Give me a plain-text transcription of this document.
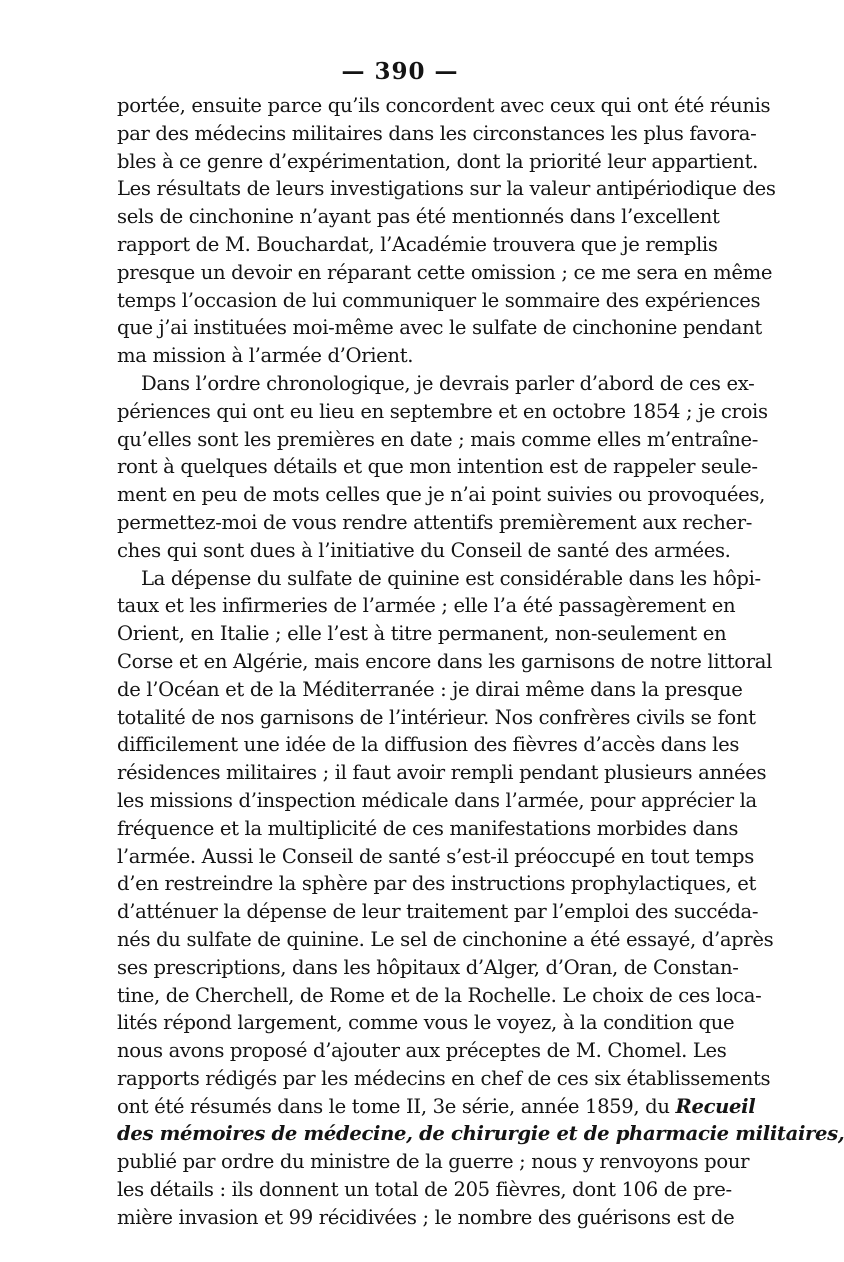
— 390 —
portée, ensuite parce qu’ils concordent avec ceux qui ont été réunis
par des médecins militaires dans les circonstances les plus favora-
bles à ce genre d’expérimentation, dont la priorité leur appartient.
Les résultats de leurs investigations sur la valeur antipériodique des
sels de cinchonine n’ayant pas été mentionnés dans l’excellent
rapport de M. Bouchardat, l’Académie trouvera que je remplis
presque un devoir en réparant cette omission ; ce me sera en même
temps l’occasion de lui communiquer le sommaire des expériences
que j’ai instituées moi-même avec le sulfate de cinchonine pendant
ma mission à l’armée d’Orient.
Dans l’ordre chronologique, je devrais parler d’abord de ces ex-
périences qui ont eu lieu en septembre et en octobre 1854 ; je crois
qu’elles sont les premières en date ; mais comme elles m’entraîne-
ront à quelques détails et que mon intention est de rappeler seule-
ment en peu de mots celles que je n’ai point suivies ou provoquées,
permettez-moi de vous rendre attentifs premièrement aux recher-
ches qui sont dues à l’initiative du Conseil de santé des armées.
La dépense du sulfate de quinine est considérable dans les hôpi-
taux et les infirmeries de l’armée ; elle l’a été passagèrement en
Orient, en Italie ; elle l’est à titre permanent, non-seulement en
Corse et en Algérie, mais encore dans les garnisons de notre littoral
de l’Océan et de la Méditerranée : je dirai même dans la presque
totalité de nos garnisons de l’intérieur. Nos confrères civils se font
difficilement une idée de la diffusion des fièvres d’accès dans les
résidences militaires ; il faut avoir rempli pendant plusieurs années
les missions d’inspection médicale dans l’armée, pour apprécier la
fréquence et la multiplicité de ces manifestations morbides dans
l’armée. Aussi le Conseil de santé s’est-il préoccupé en tout temps
d’en restreindre la sphère par des instructions prophylactiques, et
d’atténuer la dépense de leur traitement par l’emploi des succéda-
nés du sulfate de quinine. Le sel de cinchonine a été essayé, d’après
ses prescriptions, dans les hôpitaux d’Alger, d’Oran, de Constan-
tine, de Cherchell, de Rome et de la Rochelle. Le choix de ces loca-
lités répond largement, comme vous le voyez, à la condition que
nous avons proposé d’ajouter aux préceptes de M. Chomel. Les
rapports rédigés par les médecins en chef de ces six établissements
ont été résumés dans le tome II, 3e série, année 1859, du Recueil
des mémoires de médecine, de chirurgie et de pharmacie militaires,
publié par ordre du ministre de la guerre ; nous y renvoyons pour
les détails : ils donnent un total de 205 fièvres, dont 106 de pre-
mière invasion et 99 récidivées ; le nombre des guérisons est de
